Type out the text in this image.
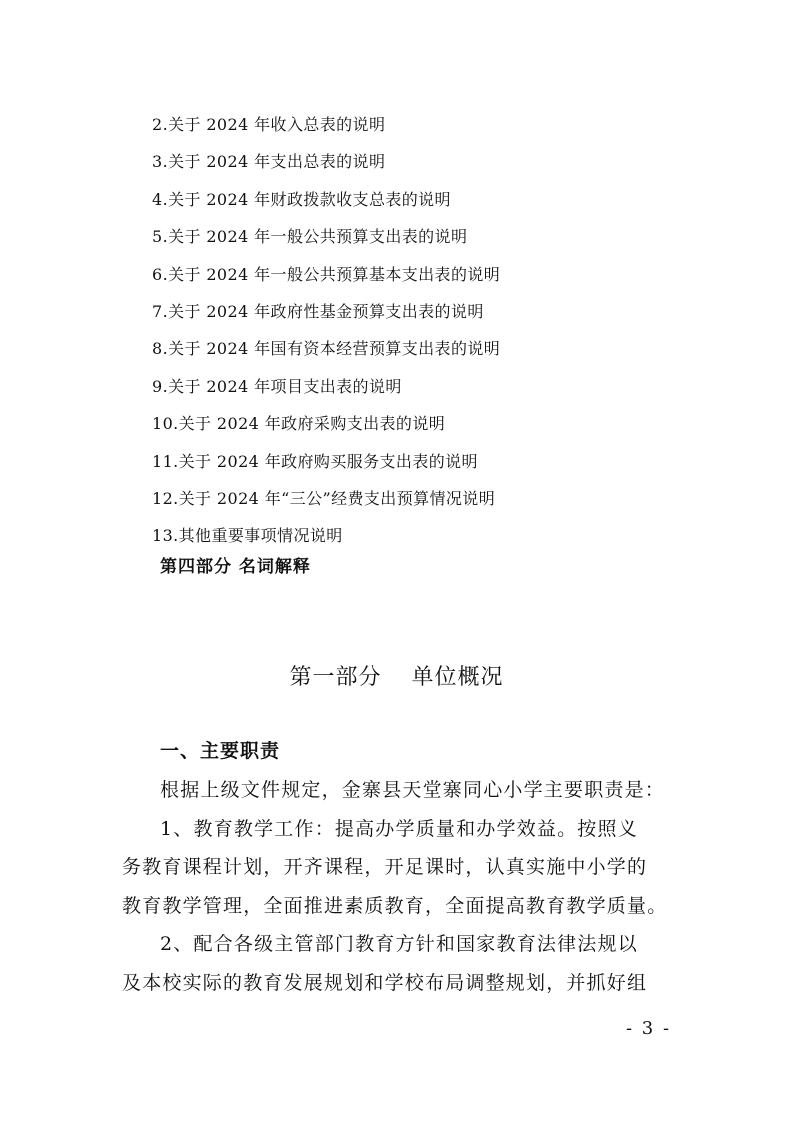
2.关于 2024 年收入总表的说明
3.关于 2024 年支出总表的说明
4.关于 2024 年财政拨款收支总表的说明
5.关于 2024 年一般公共预算支出表的说明
6.关于 2024 年一般公共预算基本支出表的说明
7.关于 2024 年政府性基金预算支出表的说明
8.关于 2024 年国有资本经营预算支出表的说明
9.关于 2024 年项目支出表的说明
10.关于 2024 年政府采购支出表的说明
11.关于 2024 年政府购买服务支出表的说明
12.关于 2024 年“三公”经费支出预算情况说明
13.其他重要事项情况说明
第四部分 名词解释
第一部分 单位概况
一、主要职责
根据上级文件规定，金寨县天堂寨同心小学主要职责是：
1、教育教学工作：提高办学质量和办学效益。按照义
务教育课程计划，开齐课程，开足课时，认真实施中小学的
教育教学管理，全面推进素质教育，全面提高教育教学质量。
2、配合各级主管部门教育方针和国家教育法律法规以
及本校实际的教育发展规划和学校布局调整规划，并抓好组
- 3 -
